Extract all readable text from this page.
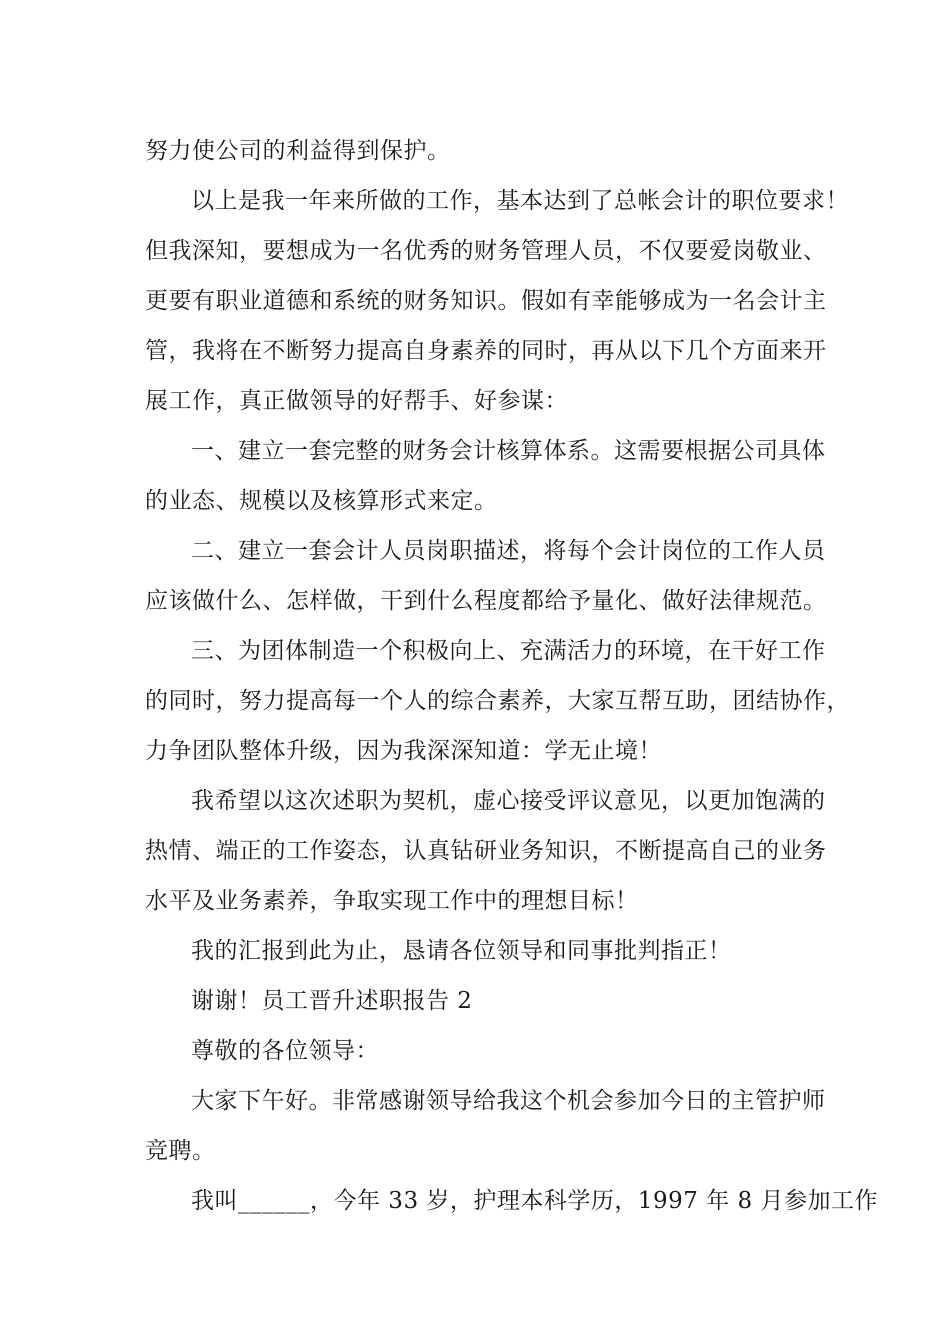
努力使公司的利益得到保护。
以上是我一年来所做的工作，基本达到了总帐会计的职位要求！
但我深知，要想成为一名优秀的财务管理人员，不仅要爱岗敬业、
更要有职业道德和系统的财务知识。假如有幸能够成为一名会计主
管，我将在不断努力提高自身素养的同时，再从以下几个方面来开
展工作，真正做领导的好帮手、好参谋：
一、建立一套完整的财务会计核算体系。这需要根据公司具体
的业态、规模以及核算形式来定。
二、建立一套会计人员岗职描述，将每个会计岗位的工作人员
应该做什么、怎样做，干到什么程度都给予量化、做好法律规范。
三、为团体制造一个积极向上、充满活力的环境，在干好工作
的同时，努力提高每一个人的综合素养，大家互帮互助，团结协作，
力争团队整体升级，因为我深深知道：学无止境！
我希望以这次述职为契机，虚心接受评议意见，以更加饱满的
热情、端正的工作姿态，认真钻研业务知识，不断提高自己的业务
水平及业务素养，争取实现工作中的理想目标！
我的汇报到此为止，恳请各位领导和同事批判指正！
谢谢！员工晋升述职报告 2
尊敬的各位领导：
大家下午好。非常感谢领导给我这个机会参加今日的主管护师
竞聘。
我叫______，今年 33 岁，护理本科学历，1997 年 8 月参加工作
